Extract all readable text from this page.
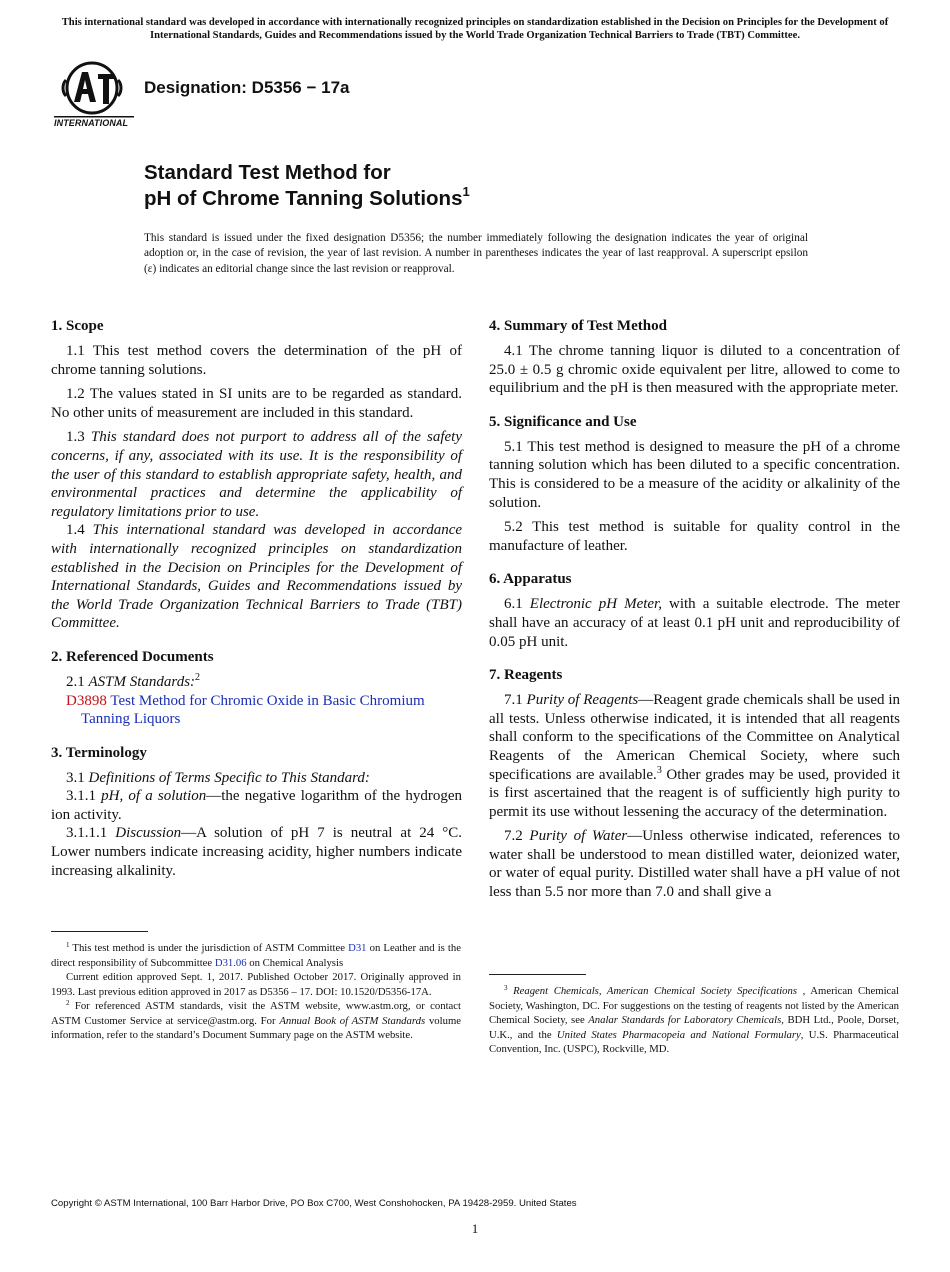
This international standard was developed in accordance with internationally recognized principles on standardization established in the Decision on Principles for the Development of International Standards, Guides and Recommendations issued by the World Trade Organization Technical Barriers to Trade (TBT) Committee.
INTERNATIONAL
Designation: D5356 − 17a
Standard Test Method for
pH of Chrome Tanning Solutions$^1$
This standard is issued under the fixed designation D5356; the number immediately following the designation indicates the year of original adoption or, in the case of revision, the year of last revision. A number in parentheses indicates the year of last reapproval. A superscript epsilon (ε) indicates an editorial change since the last revision or reapproval.
1. Scope

1.1 This test method covers the determination of the pH of chrome tanning solutions.

1.2 The values stated in SI units are to be regarded as standard. No other units of measurement are included in this standard.

1.3 This standard does not purport to address all of the safety concerns, if any, associated with its use. It is the responsibility of the user of this standard to establish appropriate safety, health, and environmental practices and determine the applicability of regulatory limitations prior to use.

1.4 This international standard was developed in accordance with internationally recognized principles on standardization established in the Decision on Principles for the Development of International Standards, Guides and Recommendations issued by the World Trade Organization Technical Barriers to Trade (TBT) Committee.

2. Referenced Documents

2.1 ASTM Standards:$^2$

D3898 Test Method for Chromic Oxide in Basic Chromium Tanning Liquors
3. Terminology

3.1 Definitions of Terms Specific to This Standard:

3.1.1 pH, of a solution—the negative logarithm of the hydrogen ion activity.

3.1.1.1 Discussion—A solution of pH 7 is neutral at 24 °C. Lower numbers indicate increasing acidity, higher numbers indicate increasing alkalinity.

$^1$ This test method is under the jurisdiction of ASTM Committee D31 on Leather and is the direct responsibility of Subcommittee D31.06 on Chemical Analysis

Current edition approved Sept. 1, 2017. Published October 2017. Originally approved in 1993. Last previous edition approved in 2017 as D5356 – 17. DOI: 10.1520/D5356-17A.

$^2$ For referenced ASTM standards, visit the ASTM website, www.astm.org, or contact ASTM Customer Service at service@astm.org. For Annual Book of ASTM Standards volume information, refer to the standard’s Document Summary page on the ASTM website.

4. Summary of Test Method

4.1 The chrome tanning liquor is diluted to a concentration of 25.0 ± 0.5 g chromic oxide equivalent per litre, allowed to come to equilibrium and the pH is then measured with the appropriate meter.

5. Significance and Use

5.1 This test method is designed to measure the pH of a chrome tanning solution which has been diluted to a specific concentration. This is considered to be a measure of the acidity or alkalinity of the solution.

5.2 This test method is suitable for quality control in the manufacture of leather.

6. Apparatus

6.1 Electronic pH Meter, with a suitable electrode. The meter shall have an accuracy of at least 0.1 pH unit and reproducibility of 0.05 pH unit.

7. Reagents

7.1 Purity of Reagents—Reagent grade chemicals shall be used in all tests. Unless otherwise indicated, it is intended that all reagents shall conform to the specifications of the Committee on Analytical Reagents of the American Chemical Society, where such specifications are available.$^3$ Other grades may be used, provided it is first ascertained that the reagent is of sufficiently high purity to permit its use without lessening the accuracy of the determination.

7.2 Purity of Water—Unless otherwise indicated, references to water shall be understood to mean distilled water, deionized water, or water of equal purity. Distilled water shall have a pH value of not less than 5.5 nor more than 7.0 and shall give a

$^3$ Reagent Chemicals, American Chemical Society Specifications , American Chemical Society, Washington, DC. For suggestions on the testing of reagents not listed by the American Chemical Society, see Analar Standards for Laboratory Chemicals, BDH Ltd., Poole, Dorset, U.K., and the United States Pharmacopeia and National Formulary, U.S. Pharmaceutical Convention, Inc. (USPC), Rockville, MD.

Copyright © ASTM International, 100 Barr Harbor Drive, PO Box C700, West Conshohocken, PA 19428-2959. United States
1
